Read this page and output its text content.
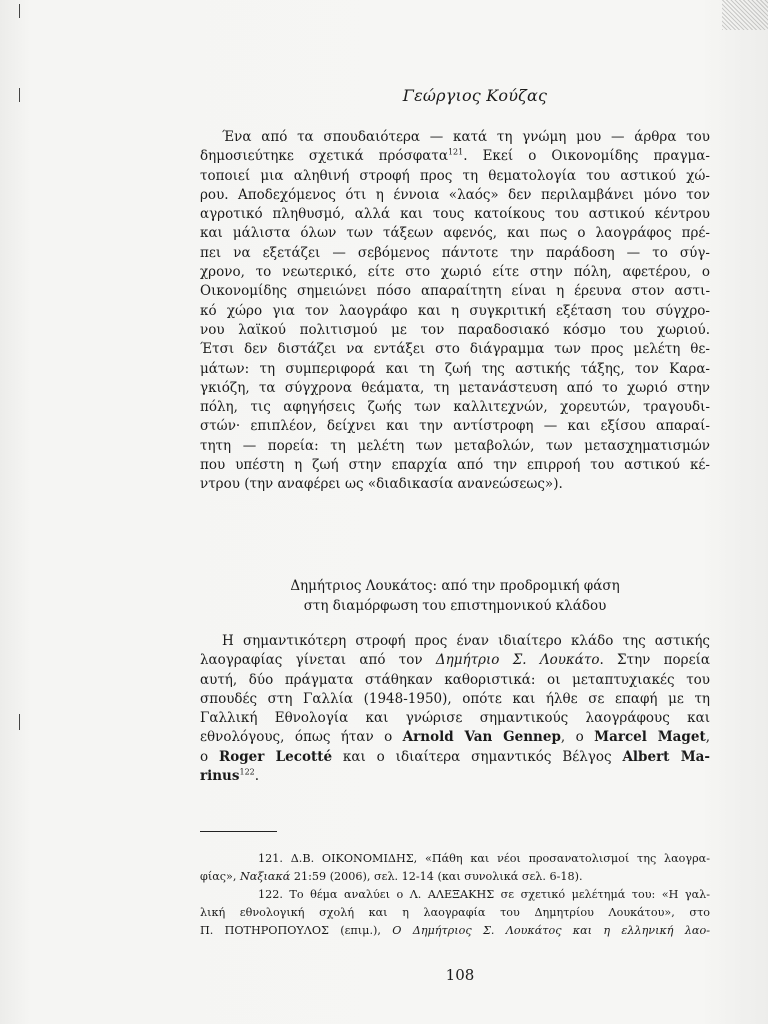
Γεώργιος Κούζας
Ένα από τα σπουδαιότερα — κατά τη γνώμη μου — άρθρα του
δημοσιεύτηκε σχετικά πρόσφατα$^{121}$. Εκεί ο Οικονομίδης πραγμα-
τοποιεί μια αληθινή στροφή προς τη θεματολογία του αστικού χώ-
ρου. Αποδεχόμενος ότι η έννοια «λαός» δεν περιλαμβάνει μόνο τον
αγροτικό πληθυσμό, αλλά και τους κατοίκους του αστικού κέντρου
και μάλιστα όλων των τάξεων αφενός, και πως ο λαογράφος πρέ-
πει να εξετάζει — σεβόμενος πάντοτε την παράδοση — το σύγ-
χρονο, το νεωτερικό, είτε στο χωριό είτε στην πόλη, αφετέρου, ο
Οικονομίδης σημειώνει πόσο απαραίτητη είναι η έρευνα στον αστι-
κό χώρο για τον λαογράφο και η συγκριτική εξέταση του σύγχρο-
νου λαϊκού πολιτισμού με τον παραδοσιακό κόσμο του χωριού.
Έτσι δεν διστάζει να εντάξει στο διάγραμμα των προς μελέτη θε-
μάτων: τη συμπεριφορά και τη ζωή της αστικής τάξης, τον Καρα-
γκιόζη, τα σύγχρονα θεάματα, τη μετανάστευση από το χωριό στην
πόλη, τις αφηγήσεις ζωής των καλλιτεχνών, χορευτών, τραγουδι-
στών· επιπλέον, δείχνει και την αντίστροφη — και εξίσου απαραί-
τητη — πορεία: τη μελέτη των μεταβολών, των μετασχηματισμών
που υπέστη η ζωή στην επαρχία από την επιρροή του αστικού κέ-
ντρου (την αναφέρει ως «διαδικασία ανανεώσεως»).
Δημήτριος Λουκάτος: από την προδρομική φάση
στη διαμόρφωση του επιστημονικού κλάδου
Η σημαντικότερη στροφή προς έναν ιδιαίτερο κλάδο της αστικής
λαογραφίας γίνεται από τον Δημήτριο Σ. Λουκάτο. Στην πορεία
αυτή, δύο πράγματα στάθηκαν καθοριστικά: οι μεταπτυχιακές του
σπουδές στη Γαλλία (1948-1950), οπότε και ήλθε σε επαφή με τη
Γαλλική Εθνολογία και γνώρισε σημαντικούς λαογράφους και
εθνολόγους, όπως ήταν ο Arnold Van Gennep, ο Marcel Maget,
ο Roger Lecotté και ο ιδιαίτερα σημαντικός Βέλγος Albert Ma-
rinus$^{122}$.
121. Δ.Β. ΟΙΚΟΝΟΜΙΔΗΣ, «Πάθη και νέοι προσανατολισμοί της λαογρα-
φίας», Ναξιακά 21:59 (2006), σελ. 12-14 (και συνολικά σελ. 6-18).
122. Το θέμα αναλύει ο Λ. ΑΛΕΞΑΚΗΣ σε σχετικό μελέτημά του: «Η γαλ-
λική εθνολογική σχολή και η λαογραφία του Δημητρίου Λουκάτου», στο
Π. ΠΟΤΗΡΟΠΟΥΛΟΣ (επιμ.), Ο Δημήτριος Σ. Λουκάτος και η ελληνική λαο-
108
